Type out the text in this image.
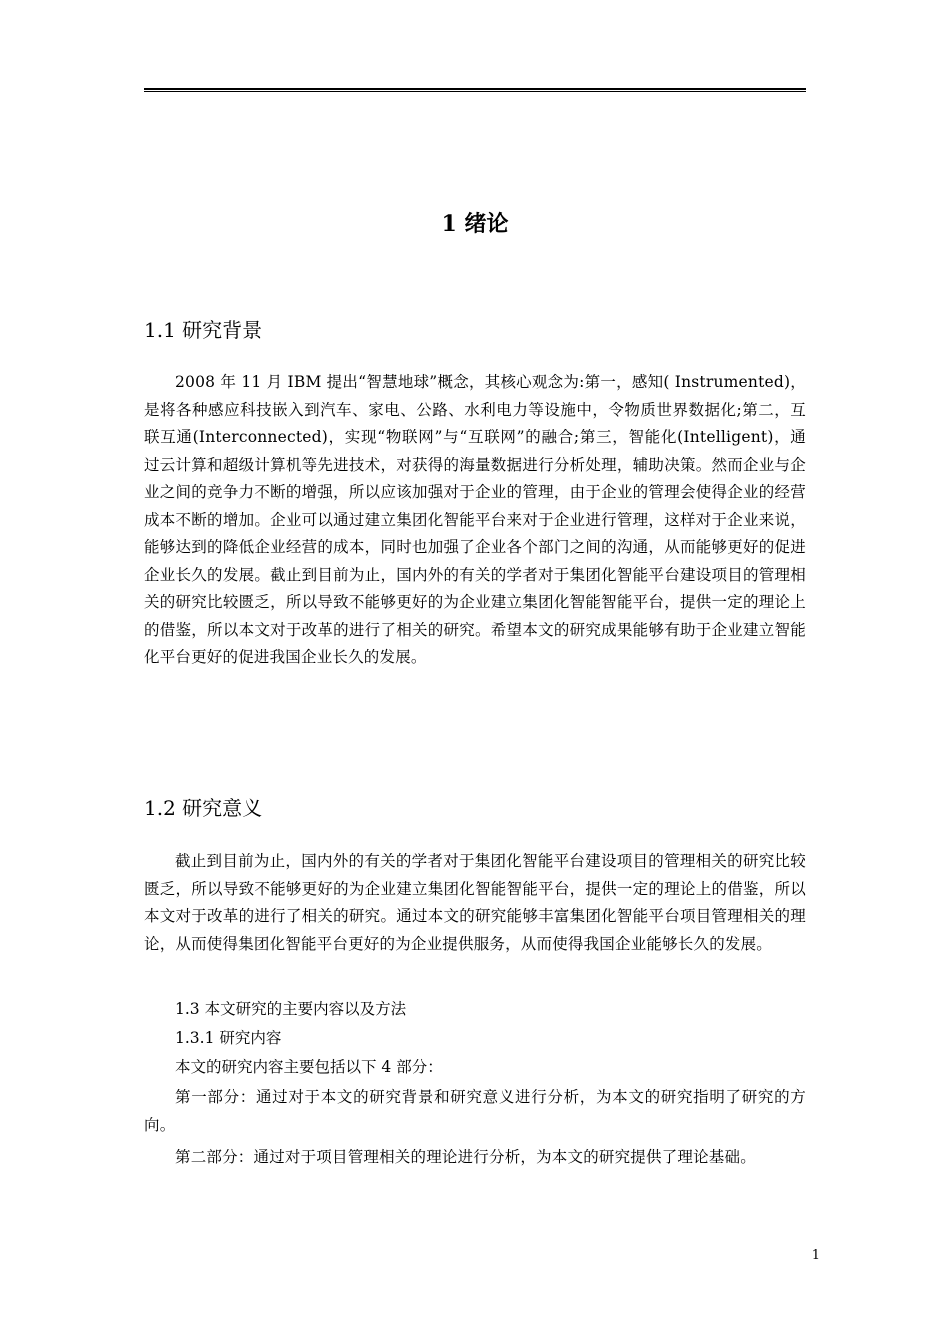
1 绪论
1.1 研究背景

2008 年 11 月 IBM 提出“智慧地球”概念，其核心观念为:第一，感知( Instrumented)，是将各种感应科技嵌入到汽车、家电、公路、水利电力等设施中，令物质世界数据化;第二，互联互通(Interconnected)，实现“物联网”与“互联网”的融合;第三，智能化(Intelligent)，通过云计算和超级计算机等先进技术，对获得的海量数据进行分析处理，辅助决策。然而企业与企业之间的竞争力不断的增强，所以应该加强对于企业的管理，由于企业的管理会使得企业的经营成本不断的增加。企业可以通过建立集团化智能平台来对于企业进行管理，这样对于企业来说，能够达到的降低企业经营的成本，同时也加强了企业各个部门之间的沟通，从而能够更好的促进企业长久的发展。截止到目前为止，国内外的有关的学者对于集团化智能平台建设项目的管理相关的研究比较匮乏，所以导致不能够更好的为企业建立集团化智能智能平台，提供一定的理论上的借鉴，所以本文对于改革的进行了相关的研究。希望本文的研究成果能够有助于企业建立智能化平台更好的促进我国企业长久的发展。

1.2 研究意义

截止到目前为止，国内外的有关的学者对于集团化智能平台建设项目的管理相关的研究比较匮乏，所以导致不能够更好的为企业建立集团化智能智能平台，提供一定的理论上的借鉴，所以本文对于改革的进行了相关的研究。通过本文的研究能够丰富集团化智能平台项目管理相关的理论，从而使得集团化智能平台更好的为企业提供服务，从而使得我国企业能够长久的发展。

1.3 本文研究的主要内容以及方法

1.3.1 研究内容

本文的研究内容主要包括以下 4 部分：

第一部分：通过对于本文的研究背景和研究意义进行分析，为本文的研究指明了研究的方向。

第二部分：通过对于项目管理相关的理论进行分析，为本文的研究提供了理论基础。

1
